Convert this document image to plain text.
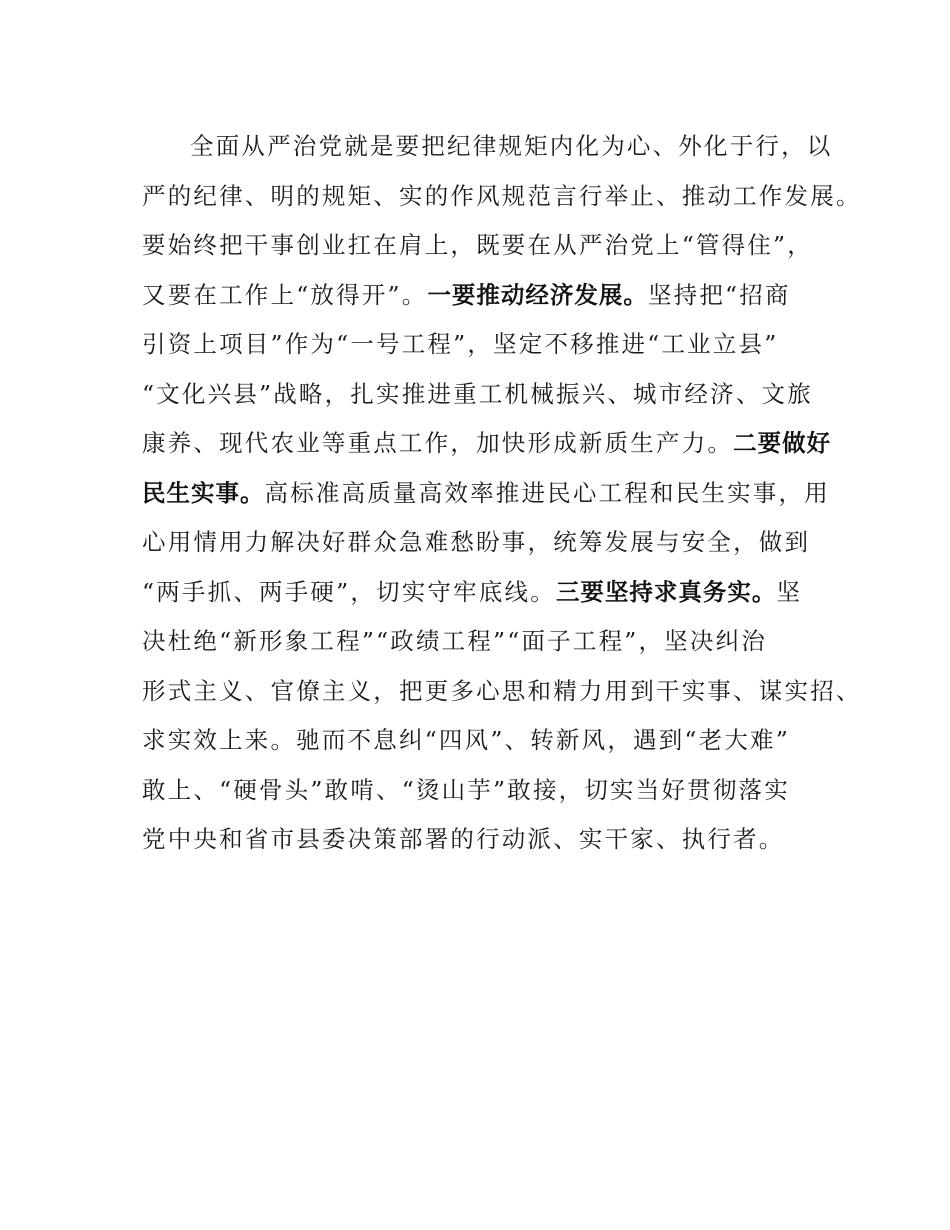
全面从严治党就是要把纪律规矩内化为心、外化于行，以
严的纪律、明的规矩、实的作风规范言行举止、推动工作发展。
要始终把干事创业扛在肩上，既要在从严治党上“管得住”，
又要在工作上“放得开”。一要推动经济发展。坚持把“招商
引资上项目”作为“一号工程”，坚定不移推进“工业立县”
“文化兴县”战略，扎实推进重工机械振兴、城市经济、文旅
康养、现代农业等重点工作，加快形成新质生产力。二要做好
民生实事。高标准高质量高效率推进民心工程和民生实事，用
心用情用力解决好群众急难愁盼事，统筹发展与安全，做到
“两手抓、两手硬”，切实守牢底线。三要坚持求真务实。坚
决杜绝“新形象工程”“政绩工程”“面子工程”，坚决纠治
形式主义、官僚主义，把更多心思和精力用到干实事、谋实招、
求实效上来。驰而不息纠“四风”、转新风，遇到“老大难”
敢上、“硬骨头”敢啃、“烫山芋”敢接，切实当好贯彻落实
党中央和省市县委决策部署的行动派、实干家、执行者。
